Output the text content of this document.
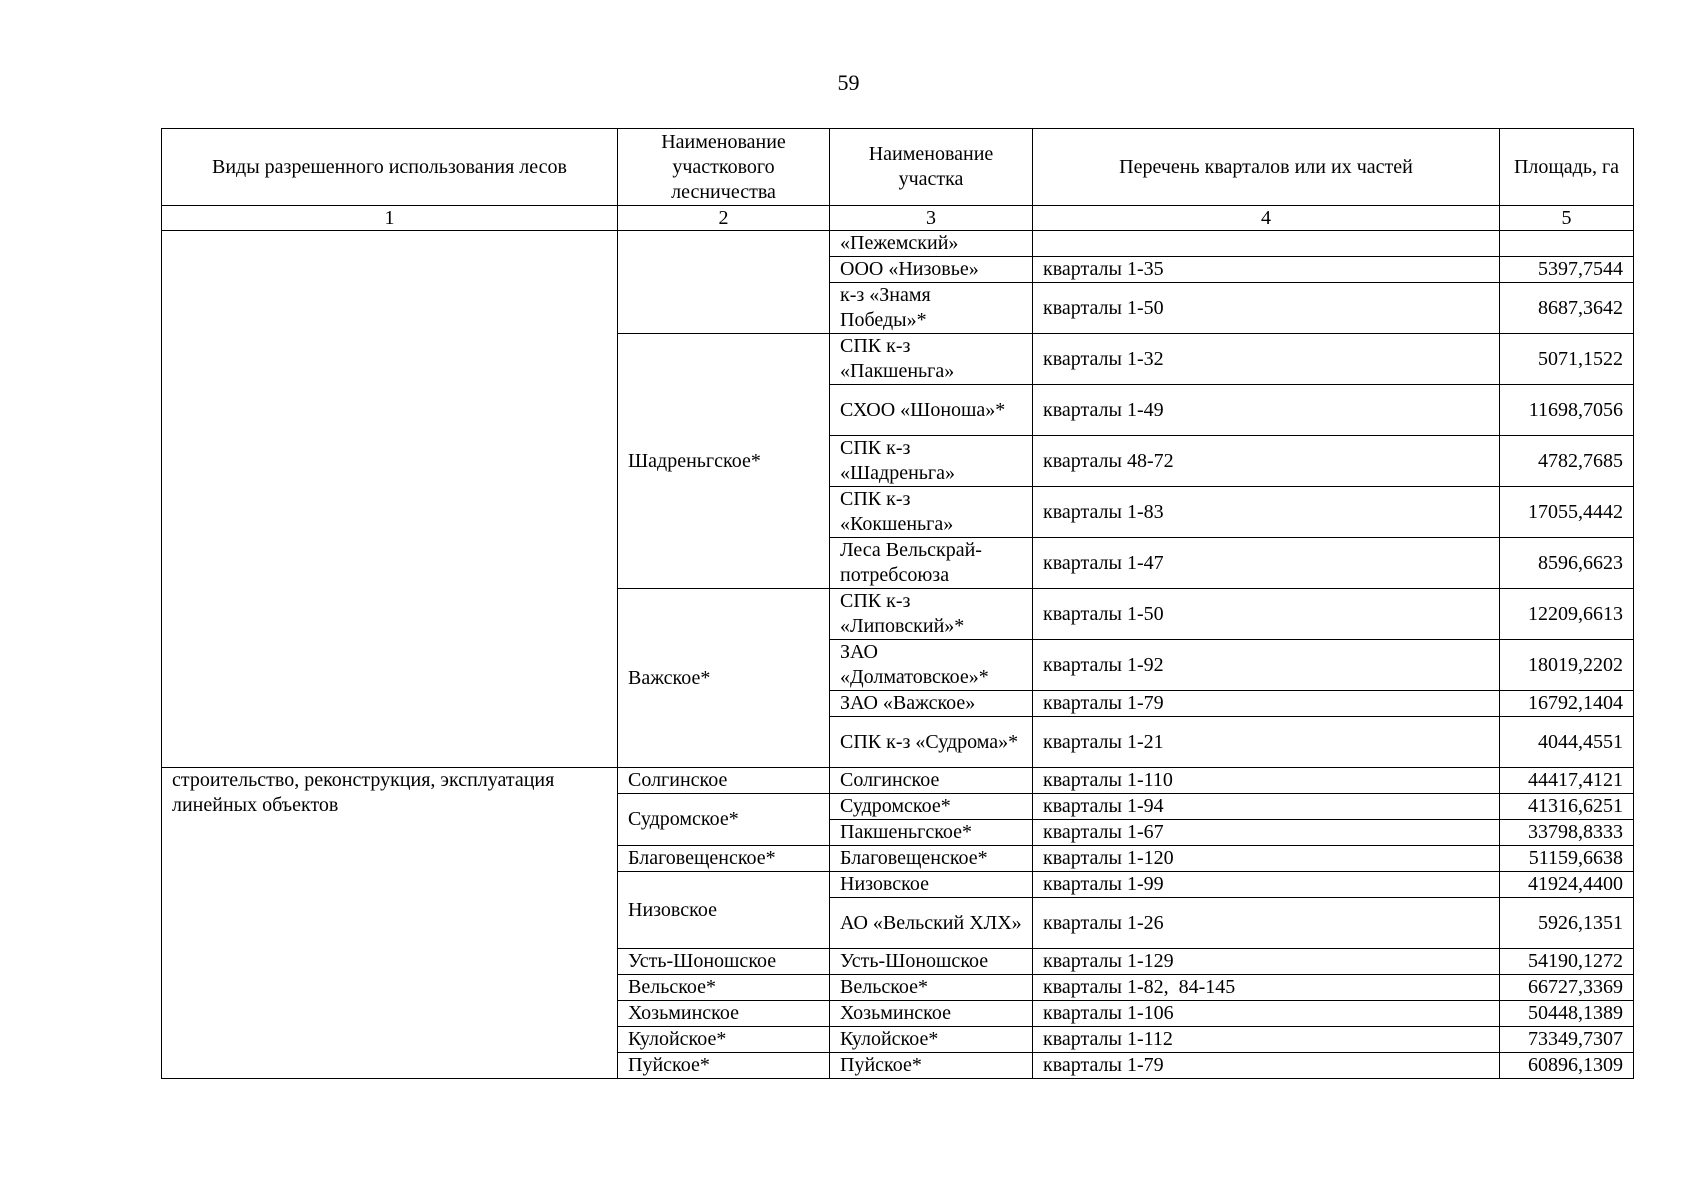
59
Виды разрешенного использования лесов	Наименование участкового лесничества	Наименование участка	Перечень кварталов или их частей	Площадь, га
1	2	3	4	5
		«Пежемский»		
		ООО «Низовье»	кварталы 1-35	5397,7544
		к-з «Знамя Победы»*	кварталы 1-50	8687,3642
	Шадреньгское*	СПК к-з «Пакшеньга»	кварталы 1-32	5071,1522
		СХОО «Шоноша»*	кварталы 1-49	11698,7056
		СПК к-з «Шадреньга»	кварталы 48-72	4782,7685
		СПК к-з «Кокшеньга»	кварталы 1-83	17055,4442
		Леса Вельскрай-потребсоюза	кварталы 1-47	8596,6623
	Важское*	СПК к-з «Липовский»*	кварталы 1-50	12209,6613
		ЗАО «Долматовское»*	кварталы 1-92	18019,2202
		ЗАО «Важское»	кварталы 1-79	16792,1404
		СПК к-з «Судрома»*	кварталы 1-21	4044,4551
строительство, реконструкция, эксплуатация линейных объектов	Солгинское	Солгинское	кварталы 1-110	44417,4121
	Судромское*	Судромское*	кварталы 1-94	41316,6251
		Пакшеньгское*	кварталы 1-67	33798,8333
	Благовещенское*	Благовещенское*	кварталы 1-120	51159,6638
	Низовское	Низовское	кварталы 1-99	41924,4400
		АО «Вельский ХЛХ»	кварталы 1-26	5926,1351
	Усть-Шоношское	Усть-Шоношское	кварталы 1-129	54190,1272
	Вельское*	Вельское*	кварталы 1-82,  84-145	66727,3369
	Хозьминское	Хозьминское	кварталы 1-106	50448,1389
	Кулойское*	Кулойское*	кварталы 1-112	73349,7307
	Пуйское*	Пуйское*	кварталы 1-79	60896,1309
